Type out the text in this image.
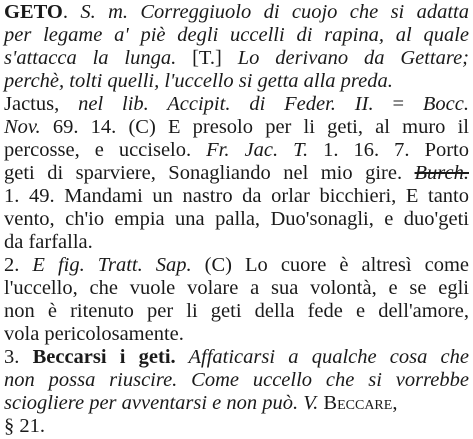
GETO. S. m. Correggiuolo di cuojo che si adatta
per legame a' piè degli uccelli di rapina, al quale
s'attacca la lunga. [T.] Lo derivano da Gettare;
perchè, tolti quelli, l'uccello si getta alla preda.
Jactus, nel lib. Accipit. di Feder. II. = Bocc.
Nov. 69. 14. (C) E presolo per li geti, al muro il
percosse, e ucciselo. Fr. Jac. T. 1. 16. 7. Porto
geti di sparviere, Sonagliando nel mio gire. Burch.
1. 49. Mandami un nastro da orlar bicchieri, E tanto
vento, ch'io empia una palla, Duo'sonagli, e duo'geti
da farfalla.
2. E fig. Tratt. Sap. (C) Lo cuore è altresì come
l'uccello, che vuole volare a sua volontà, e se egli
non è ritenuto per li geti della fede e dell'amore,
vola pericolosamente.
3. Beccarsi i geti. Affaticarsi a qualche cosa che
non possa riuscire. Come uccello che si vorrebbe
sciogliere per avventarsi e non può. V. Beccare,
§ 21.
